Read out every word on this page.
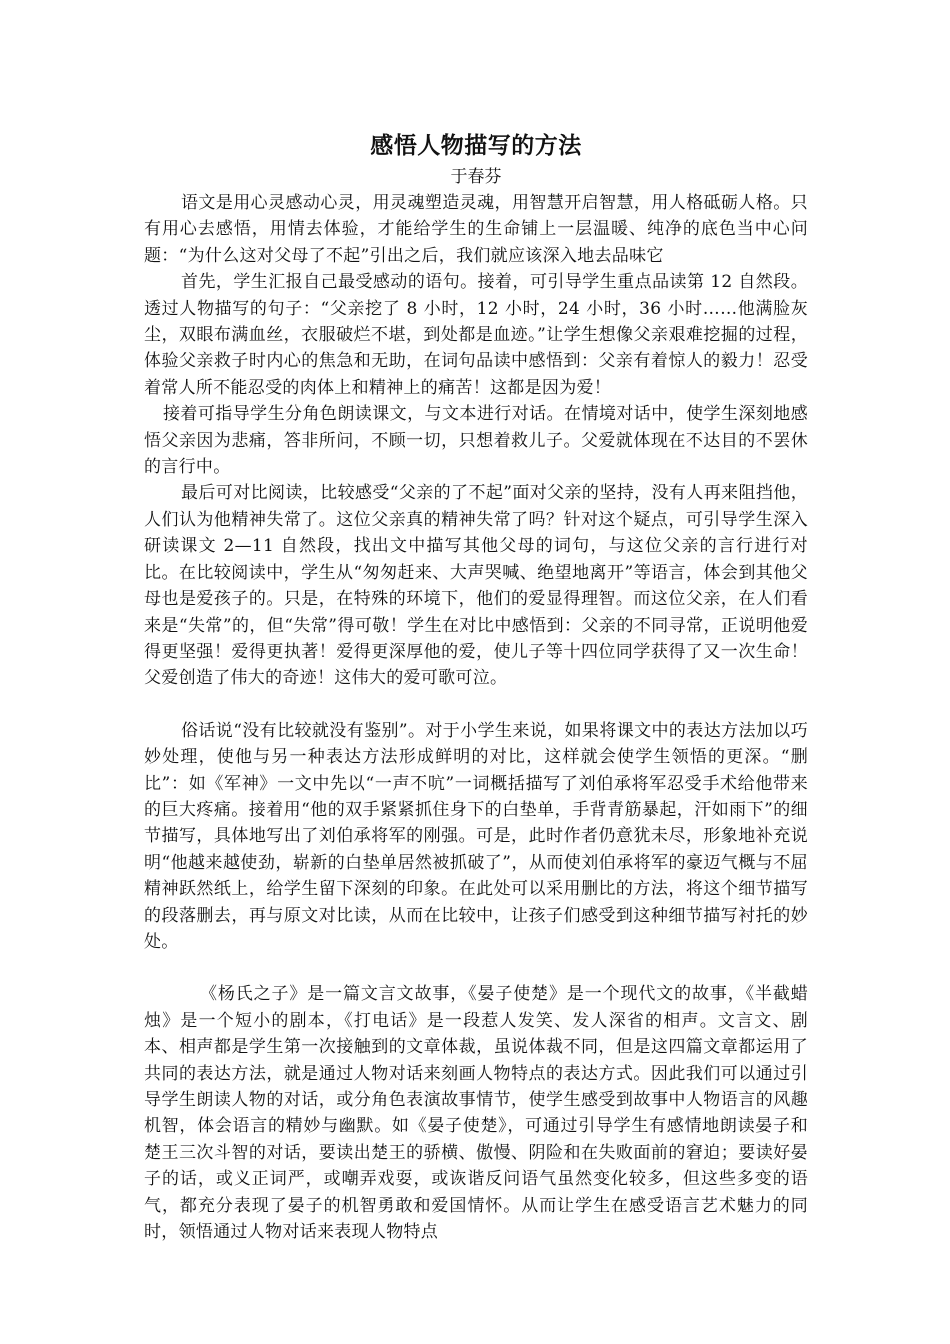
感悟人物描写的方法

于春芬

语文是用心灵感动心灵，用灵魂塑造灵魂，用智慧开启智慧，用人格砥砺人格。只有用心去感悟，用情去体验，才能给学生的生命铺上一层温暖、纯净的底色当中心问题：“为什么这对父母了不起”引出之后，我们就应该深入地去品味它

首先，学生汇报自己最受感动的语句。接着，可引导学生重点品读第 12 自然段。透过人物描写的句子：“父亲挖了 8 小时，12 小时，24 小时，36 小时……他满脸灰尘，双眼布满血丝，衣服破烂不堪，到处都是血迹。”让学生想像父亲艰难挖掘的过程，体验父亲救子时内心的焦急和无助，在词句品读中感悟到：父亲有着惊人的毅力！忍受着常人所不能忍受的肉体上和精神上的痛苦！这都是因为爱！

接着可指导学生分角色朗读课文，与文本进行对话。在情境对话中，使学生深刻地感悟父亲因为悲痛，答非所问，不顾一切，只想着救儿子。父爱就体现在不达目的不罢休的言行中。

最后可对比阅读，比较感受“父亲的了不起”面对父亲的坚持，没有人再来阻挡他，人们认为他精神失常了。这位父亲真的精神失常了吗？针对这个疑点，可引导学生深入研读课文 2—11 自然段，找出文中描写其他父母的词句，与这位父亲的言行进行对比。在比较阅读中，学生从“匆匆赶来、大声哭喊、绝望地离开”等语言，体会到其他父母也是爱孩子的。只是，在特殊的环境下，他们的爱显得理智。而这位父亲，在人们看来是“失常”的，但“失常”得可敬！学生在对比中感悟到：父亲的不同寻常，正说明他爱得更坚强！爱得更执著！爱得更深厚他的爱，使儿子等十四位同学获得了又一次生命！父爱创造了伟大的奇迹！这伟大的爱可歌可泣。

俗话说“没有比较就没有鉴别”。对于小学生来说，如果将课文中的表达方法加以巧妙处理，使他与另一种表达方法形成鲜明的对比，这样就会使学生领悟的更深。“删比”：如《军神》一文中先以“一声不吭”一词概括描写了刘伯承将军忍受手术给他带来的巨大疼痛。接着用“他的双手紧紧抓住身下的白垫单，手背青筋暴起，汗如雨下”的细节描写，具体地写出了刘伯承将军的刚强。可是，此时作者仍意犹未尽，形象地补充说明“他越来越使劲，崭新的白垫单居然被抓破了”，从而使刘伯承将军的豪迈气概与不屈精神跃然纸上，给学生留下深刻的印象。在此处可以采用删比的方法，将这个细节描写的段落删去，再与原文对比读，从而在比较中，让孩子们感受到这种细节描写衬托的妙处。

《杨氏之子》是一篇文言文故事，《晏子使楚》是一个现代文的故事，《半截蜡烛》是一个短小的剧本，《打电话》是一段惹人发笑、发人深省的相声。文言文、剧本、相声都是学生第一次接触到的文章体裁，虽说体裁不同，但是这四篇文章都运用了共同的表达方法，就是通过人物对话来刻画人物特点的表达方式。因此我们可以通过引导学生朗读人物的对话，或分角色表演故事情节，使学生感受到故事中人物语言的风趣机智，体会语言的精妙与幽默。如《晏子使楚》，可通过引导学生有感情地朗读晏子和楚王三次斗智的对话，要读出楚王的骄横、傲慢、阴险和在失败面前的窘迫；要读好晏子的话，或义正词严，或嘲弄戏耍，或诙谐反问语气虽然变化较多，但这些多变的语气，都充分表现了晏子的机智勇敢和爱国情怀。从而让学生在感受语言艺术魅力的同时，领悟通过人物对话来表现人物特点
